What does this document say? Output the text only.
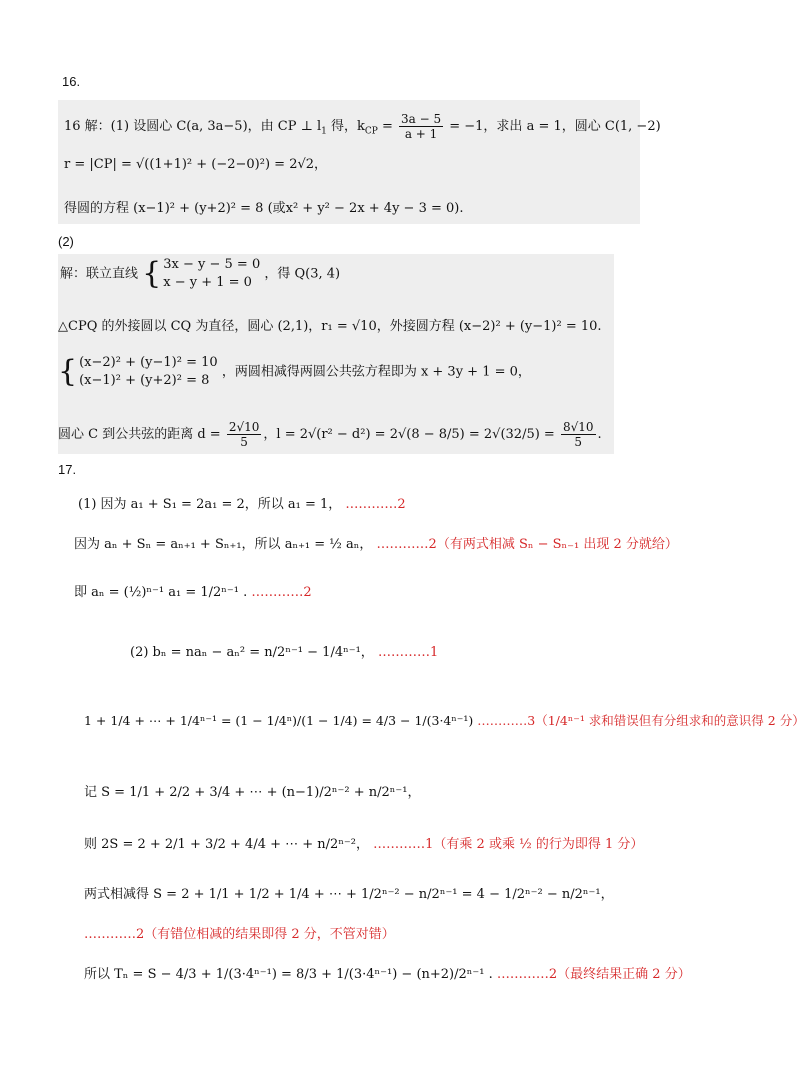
16.
16 解：(1) 设圆心 C(a, 3a−5)，由 CP ⊥ $l_1$ 得，$k_{CP} = \frac{3a - 5}{a + 1} = -1$，求出 a = 1，圆心 C(1, −2)
r = |CP| = √((1+1)² + (−2−0)²) = 2√2，
得圆的方程 (x−1)² + (y+2)² = 8 (或x² + y² − 2x + 4y − 3 = 0).
(2)
解：联立直线 { 3x − y − 5 = 0
x − y + 1 = 0
，得 Q(3, 4)
△CPQ 的外接圆以 CQ 为直径，圆心 (2,1)，r₁ = √10，外接圆方程 (x−2)² + (y−1)² = 10.
{ (x−2)² + (y−1)² = 10
(x−1)² + (y+2)² = 8
，两圆相减得两圆公共弦方程即为 x + 3y + 1 = 0，
圆心 C 到公共弦的距离 $d = \frac{2√10}{5}$ ，$l = 2√(r^2 - d^2) = 2√(8 - 8/5) = 2√(32/5) = \frac{8√10}{5}$ .
17.
(1) 因为 a₁ + S₁ = 2a₁ = 2，所以 a₁ = 1， …………2
因为 aₙ + Sₙ = aₙ₊₁ + Sₙ₊₁，所以 aₙ₊₁ = ½ aₙ， …………2（有两式相减 Sₙ − Sₙ₋₁ 出现 2 分就给）
即 aₙ = (½)ⁿ⁻¹ a₁ = 1/2ⁿ⁻¹ . …………2
(2) bₙ = naₙ − aₙ² = n/2ⁿ⁻¹ − 1/4ⁿ⁻¹， …………1
1 + 1/4 + ⋯ + 1/4ⁿ⁻¹ = (1 − 1/4ⁿ)/(1 − 1/4) = 4/3 − 1/(3·4ⁿ⁻¹) …………3（1/4ⁿ⁻¹ 求和错误但有分组求和的意识得 2 分）
记 S = 1/1 + 2/2 + 3/4 + ⋯ + (n−1)/2ⁿ⁻² + n/2ⁿ⁻¹，
则 2S = 2 + 2/1 + 3/2 + 4/4 + ⋯ + n/2ⁿ⁻²， …………1（有乘 2 或乘 ½ 的行为即得 1 分）
两式相减得 S = 2 + 1/1 + 1/2 + 1/4 + ⋯ + 1/2ⁿ⁻² − n/2ⁿ⁻¹ = 4 − 1/2ⁿ⁻² − n/2ⁿ⁻¹，
…………2（有错位相减的结果即得 2 分，不管对错）
所以 Tₙ = S − 4/3 + 1/(3·4ⁿ⁻¹) = 8/3 + 1/(3·4ⁿ⁻¹) − (n+2)/2ⁿ⁻¹ . …………2（最终结果正确 2 分）
